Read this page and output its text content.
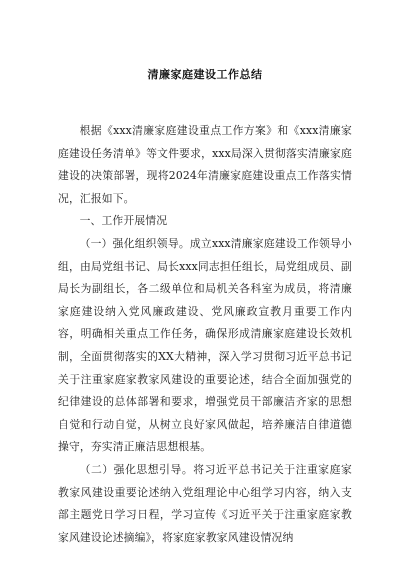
清廉家庭建设工作总结

根据《xxx清廉家庭建设重点工作方案》和《xxx清廉家庭建设任务清单》等文件要求，xxx局深入贯彻落实清廉家庭建设的决策部署，现将2024年清廉家庭建设重点工作落实情况，汇报如下。

一、工作开展情况

（一）强化组织领导。成立xxx清廉家庭建设工作领导小组，由局党组书记、局长xxx同志担任组长，局党组成员、副局长为副组长，各二级单位和局机关各科室为成员，将清廉家庭建设纳入党风廉政建设、党风廉政宣教月重要工作内容，明确相关重点工作任务，确保形成清廉家庭建设长效机制，全面贯彻落实的XX大精神，深入学习贯彻习近平总书记关于注重家庭家教家风建设的重要论述，结合全面加强党的纪律建设的总体部署和要求，增强党员干部廉洁齐家的思想自觉和行动自觉，从树立良好家风做起，培养廉洁自律道德操守，夯实清正廉洁思想根基。

（二）强化思想引导。将习近平总书记关于注重家庭家教家风建设重要论述纳入党组理论中心组学习内容，纳入支部主题党日学习日程，学习宣传《习近平关于注重家庭家教家风建设论述摘编》，将家庭家教家风建设情况纳
